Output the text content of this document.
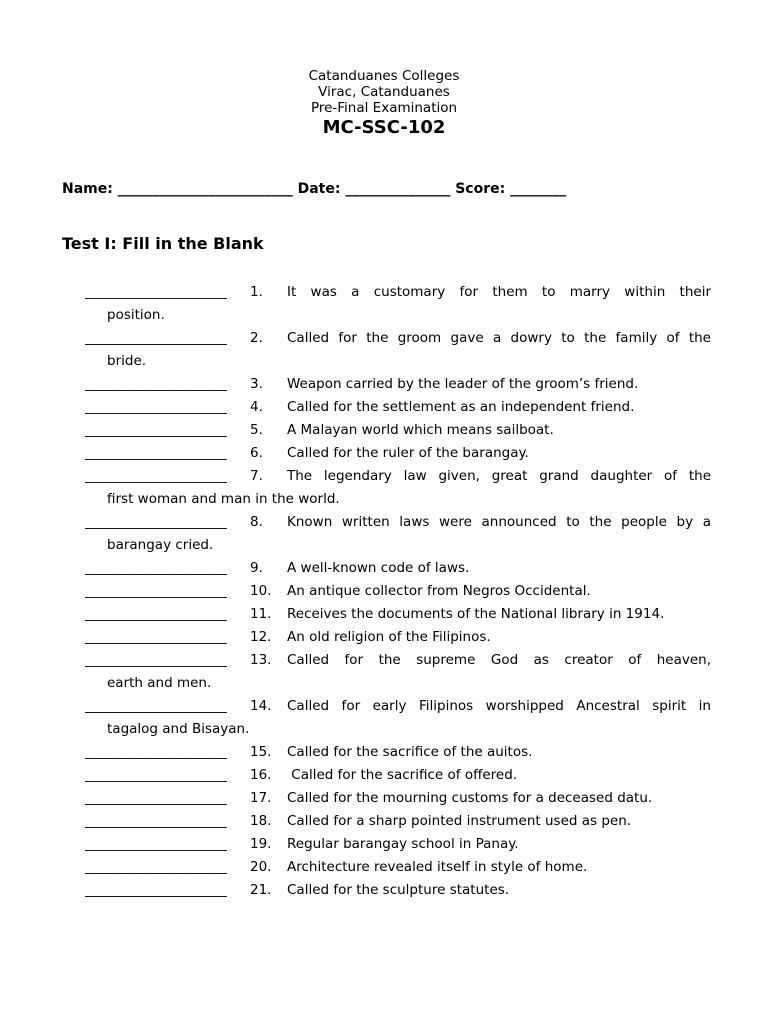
Catanduanes Colleges
Virac, Catanduanes
Pre-Final Examination
MC-SSC-102
Name: _________________________ Date: _______________ Score: ________
Test I: Fill in the Blank
_____________________	1.	It was a customary for them to marry within their
position.
_____________________	2.	Called for the groom gave a dowry to the family of the
bride.
_____________________	3.	Weapon carried by the leader of the groom’s friend.
_____________________	4.	Called for the settlement as an independent friend.
_____________________	5.	A Malayan world which means sailboat.
_____________________	6.	Called for the ruler of the barangay.
_____________________	7.	The legendary law given, great grand daughter of the
first woman and man in the world.
_____________________	8.	Known written laws were announced to the people by a
barangay cried.
_____________________	9.	A well-known code of laws.
_____________________	10.	An antique collector from Negros Occidental.
_____________________	11.	Receives the documents of the National library in 1914.
_____________________	12.	An old religion of the Filipinos.
_____________________	13.	Called for the supreme God as creator of heaven,
earth and men.
_____________________	14.	Called for early Filipinos worshipped Ancestral spirit in
tagalog and Bisayan.
_____________________	15.	Called for the sacrifice of the auitos.
_____________________	16.	Called for the sacrifice of offered.
_____________________	17.	Called for the mourning customs for a deceased datu.
_____________________	18.	Called for a sharp pointed instrument used as pen.
_____________________	19.	Regular barangay school in Panay.
_____________________	20.	Architecture revealed itself in style of home.
_____________________	21.	Called for the sculpture statutes.
